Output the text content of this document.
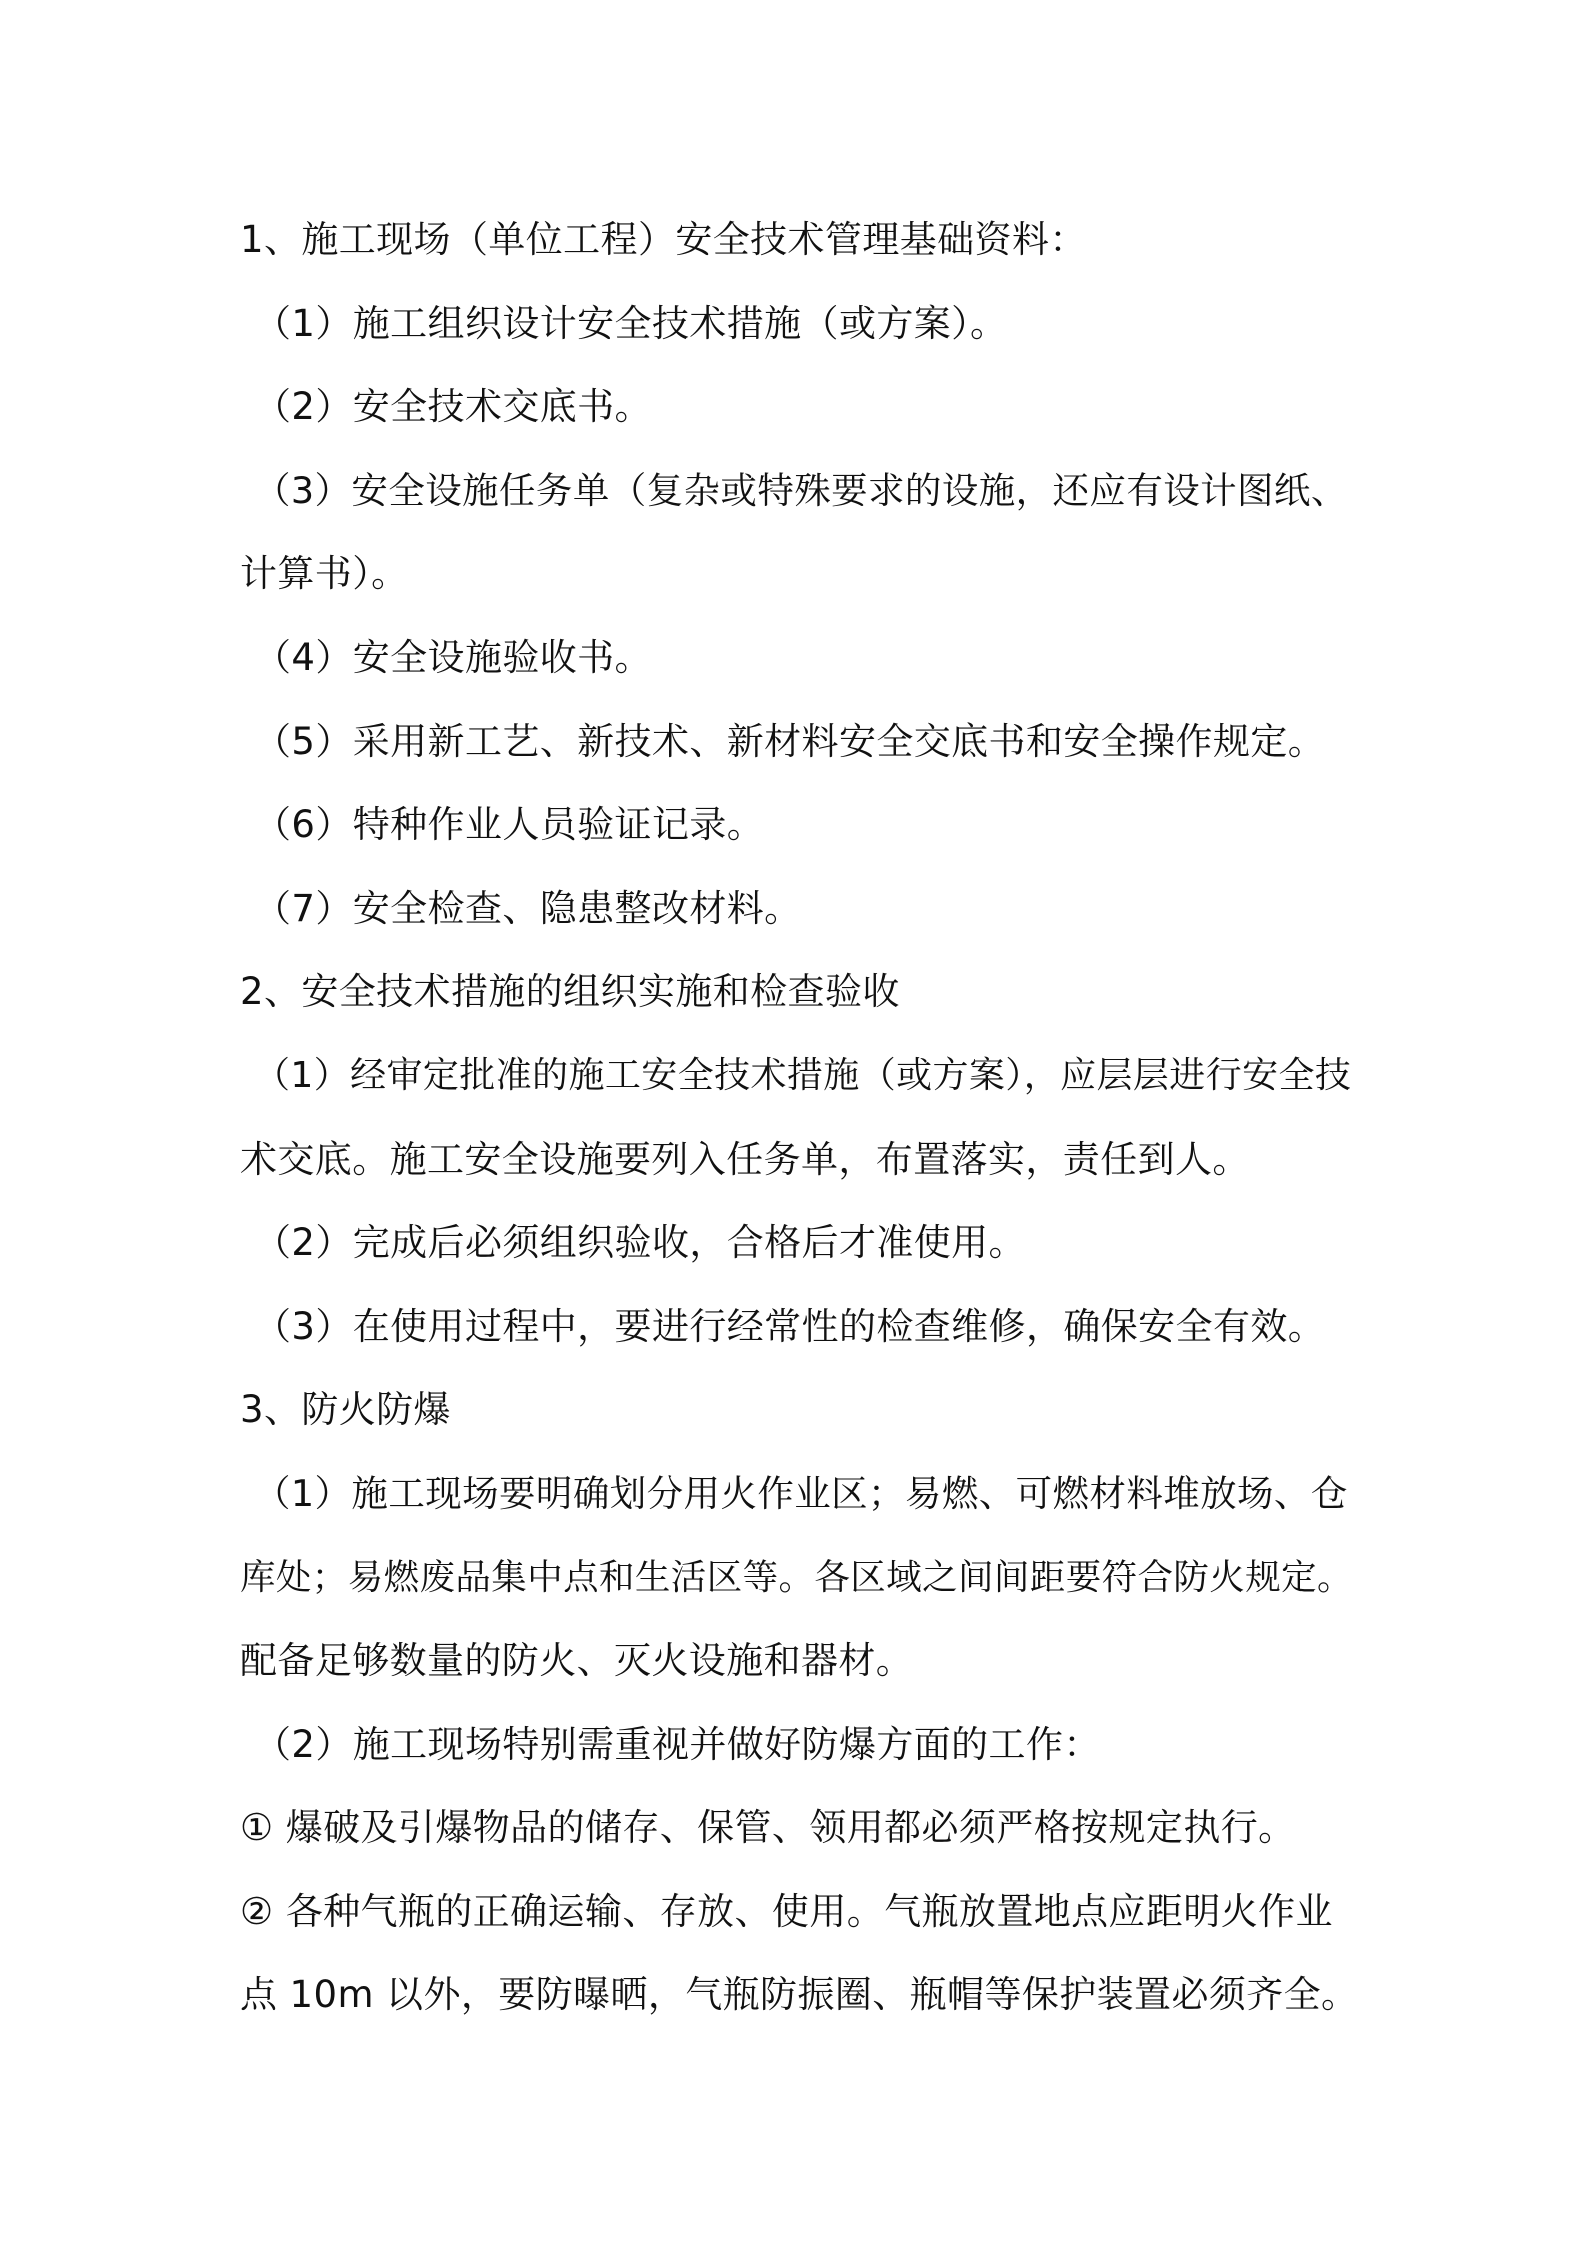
1、施工现场（单位工程）安全技术管理基础资料：
（1）施工组织设计安全技术措施（或方案）。
（2）安全技术交底书。
（3）安全设施任务单（复杂或特殊要求的设施，还应有设计图纸、
计算书）。
（4）安全设施验收书。
（5）采用新工艺、新技术、新材料安全交底书和安全操作规定。
（6）特种作业人员验证记录。
（7）安全检查、隐患整改材料。
2、安全技术措施的组织实施和检查验收
（1）经审定批准的施工安全技术措施（或方案），应层层进行安全技
术交底。施工安全设施要列入任务单，布置落实，责任到人。
（2）完成后必须组织验收，合格后才准使用。
（3）在使用过程中，要进行经常性的检查维修，确保安全有效。
3、防火防爆
（1）施工现场要明确划分用火作业区；易燃、可燃材料堆放场、仓
库处；易燃废品集中点和生活区等。各区域之间间距要符合防火规定。
配备足够数量的防火、灭火设施和器材。
（2）施工现场特别需重视并做好防爆方面的工作：
① 爆破及引爆物品的储存、保管、领用都必须严格按规定执行。
② 各种气瓶的正确运输、存放、使用。气瓶放置地点应距明火作业
点 10m 以外，要防曝晒，气瓶防振圈、瓶帽等保护装置必须齐全。
